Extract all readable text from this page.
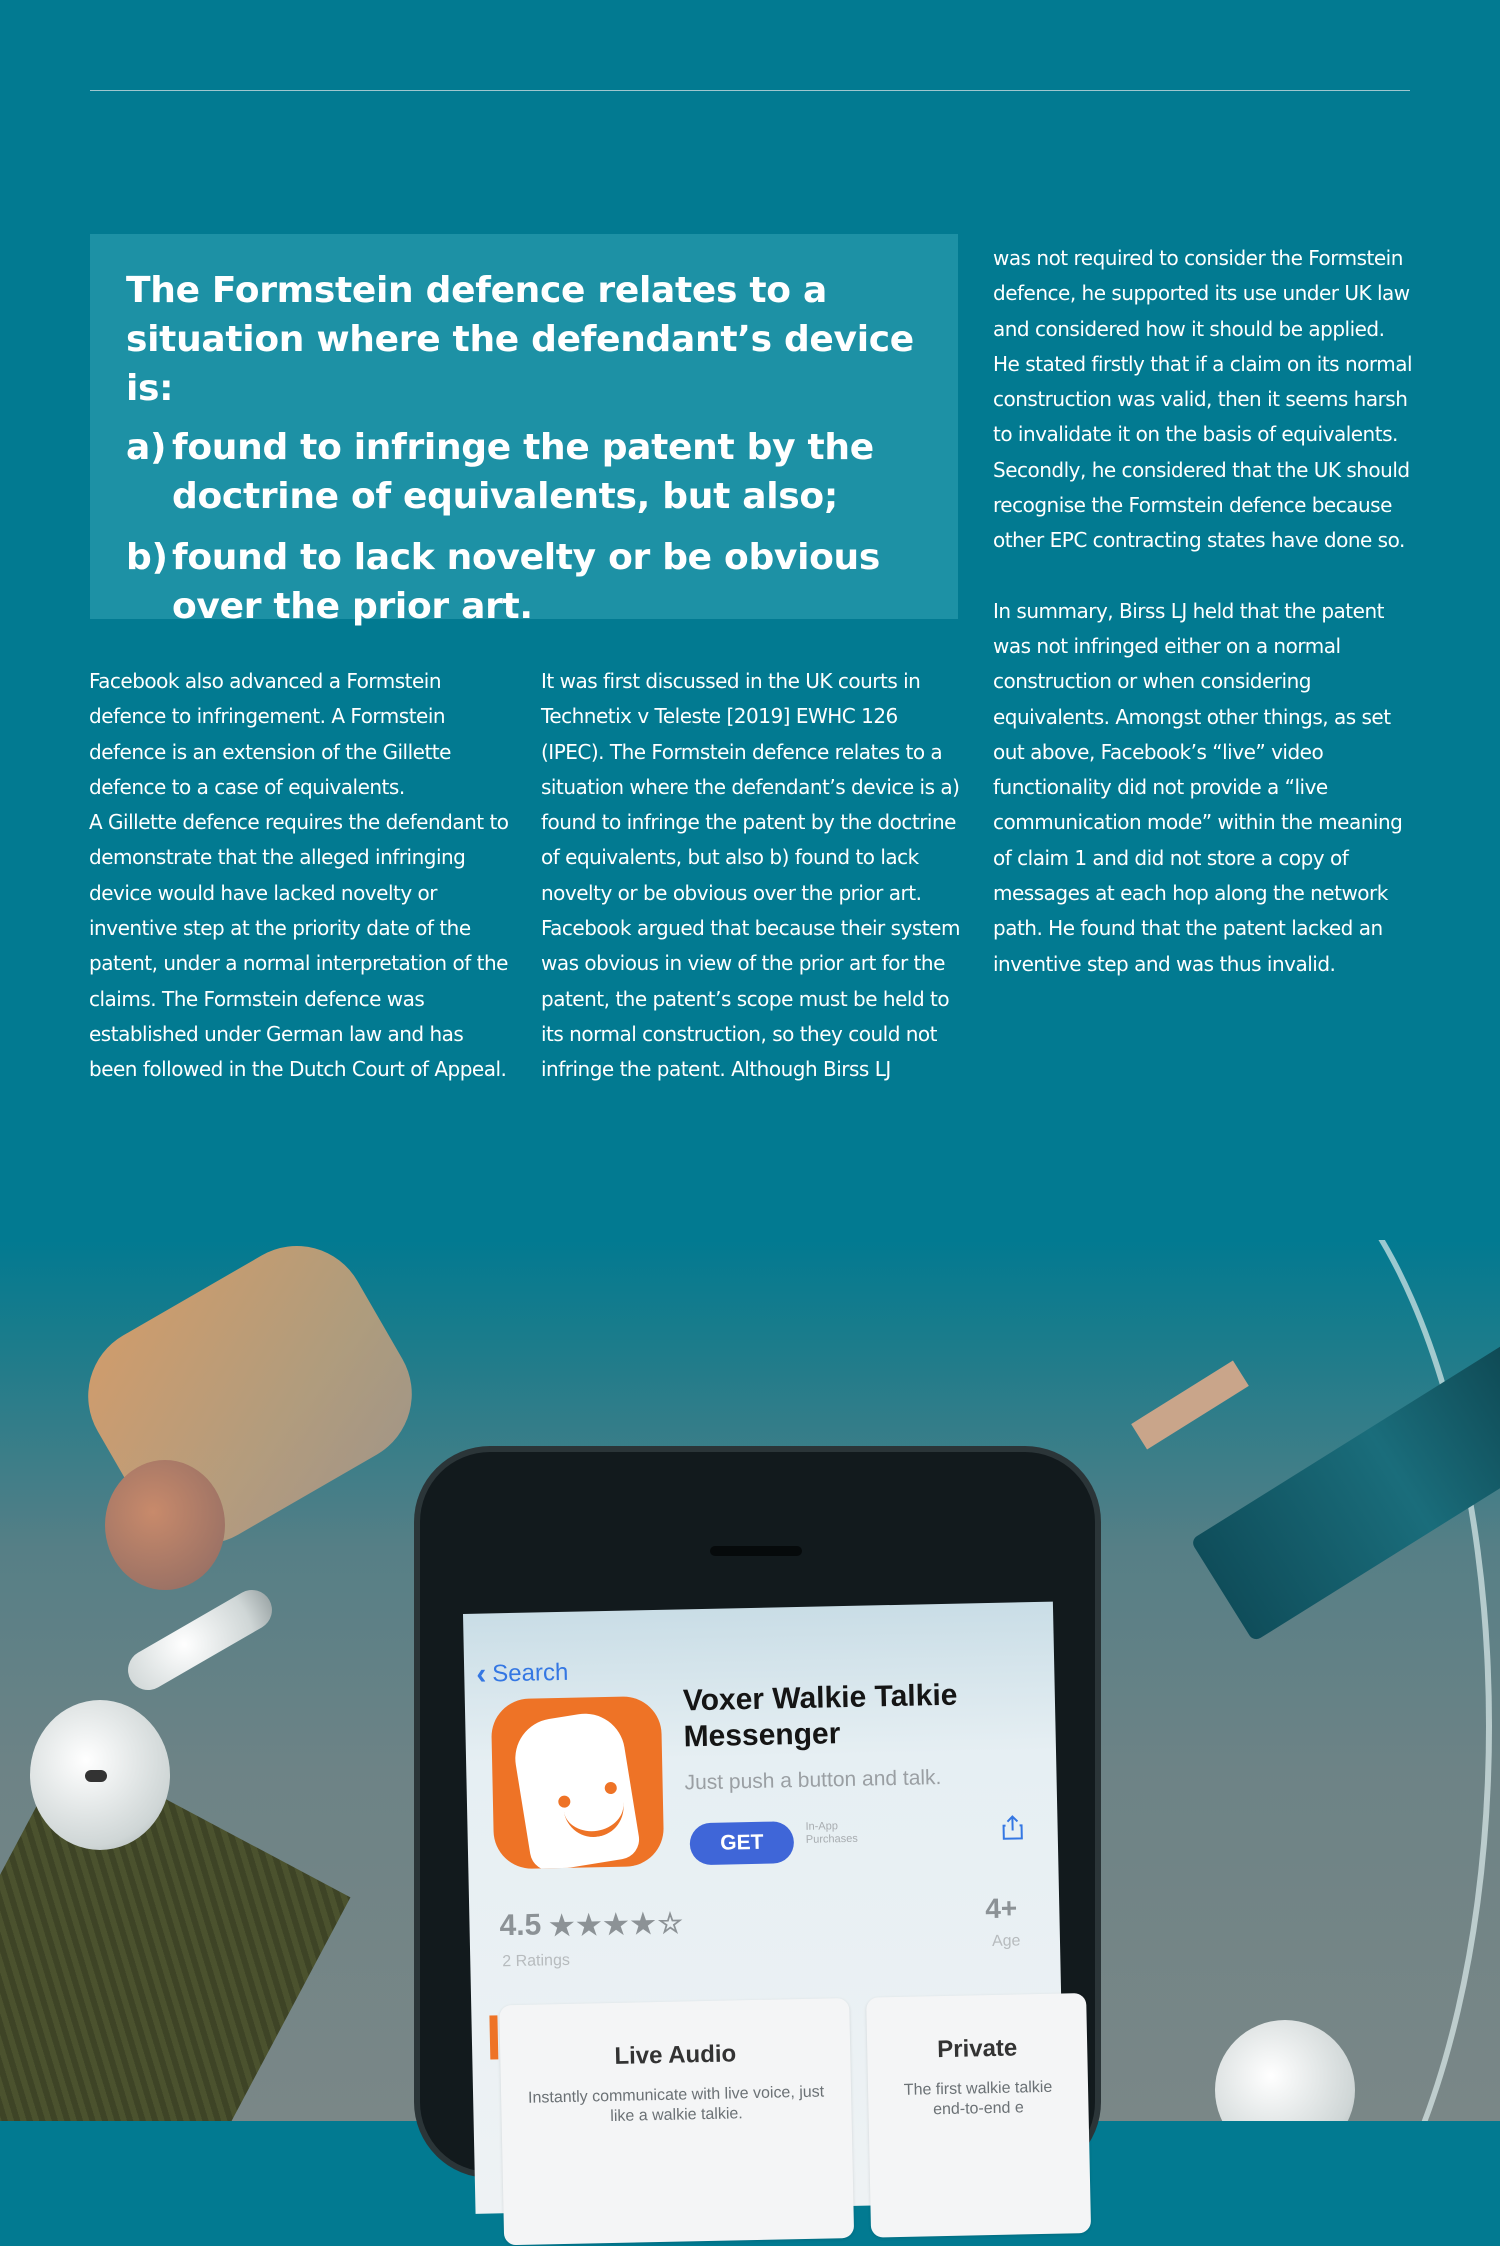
The Formstein defence relates to a situation where the defendant’s device is:

a) found to infringe the patent by the doctrine of equivalents, but also;
b) found to lack novelty or be obvious over the prior art.

Facebook also advanced a Formstein defence to infringement. A Formstein defence is an extension of the Gillette defence to a case of equivalents.

A Gillette defence requires the defendant to demonstrate that the alleged infringing device would have lacked novelty or inventive step at the priority date of the patent, under a normal interpretation of the claims. The Formstein defence was established under German law and has been followed in the Dutch Court of Appeal.

It was first discussed in the UK courts in Technetix v Teleste [2019] EWHC 126 (IPEC). The Formstein defence relates to a situation where the defendant’s device is a) found to infringe the patent by the doctrine of equivalents, but also b) found to lack novelty or be obvious over the prior art.

Facebook argued that because their system was obvious in view of the prior art for the patent, the patent’s scope must be held to its normal construction, so they could not infringe the patent. Although Birss LJ

was not required to consider the Formstein defence, he supported its use under UK law and considered how it should be applied. He stated firstly that if a claim on its normal construction was valid, then it seems harsh to invalidate it on the basis of equivalents. Secondly, he considered that the UK should recognise the Formstein defence because other EPC contracting states have done so.

In summary, Birss LJ held that the patent was not infringed either on a normal construction or when considering equivalents. Amongst other things, as set out above, Facebook’s “live” video functionality did not provide a “live communication mode” within the meaning of claim 1 and did not store a copy of messages at each hop along the network path. He found that the patent lacked an inventive step and was thus invalid.

‹ Search
Voxer Walkie Talkie Messenger
Just push a button and talk.
GET
In-App Purchases
4.5 ★★★★☆
2 Ratings
4+
Age
Live Audio
Instantly communicate with live voice, just like a walkie talkie.
Private
The first walkie talkie end-to-end e
